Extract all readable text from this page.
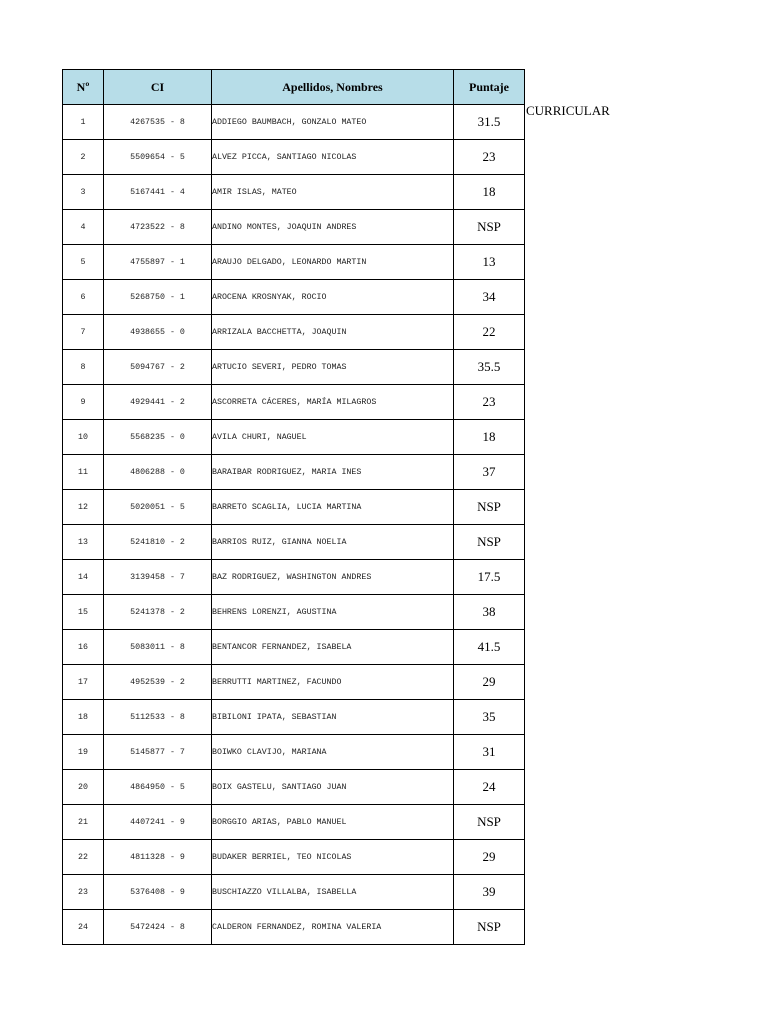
Nº	CI	Apellidos, Nombres	Puntaje
1	4267535 - 8	ADDIEGO BAUMBACH, GONZALO MATEO	31.5
2	5509654 - 5	ALVEZ PICCA, SANTIAGO NICOLAS	23
3	5167441 - 4	AMIR ISLAS, MATEO	18
4	4723522 - 8	ANDINO MONTES, JOAQUIN ANDRES	NSP
5	4755897 - 1	ARAUJO DELGADO, LEONARDO MARTIN	13
6	5268750 - 1	AROCENA KROSNYAK, ROCIO	34
7	4938655 - 0	ARRIZALA BACCHETTA, JOAQUIN	22
8	5094767 - 2	ARTUCIO SEVERI, PEDRO TOMAS	35.5
9	4929441 - 2	ASCORRETA CÁCERES, MARÍA MILAGROS	23
10	5568235 - 0	AVILA CHURI, NAGUEL	18
11	4806288 - 0	BARAIBAR RODRIGUEZ, MARIA INES	37
12	5020051 - 5	BARRETO SCAGLIA, LUCIA MARTINA	NSP
13	5241810 - 2	BARRIOS RUIZ, GIANNA NOELIA	NSP
14	3139458 - 7	BAZ RODRIGUEZ, WASHINGTON ANDRES	17.5
15	5241378 - 2	BEHRENS LORENZI, AGUSTINA	38
16	5083011 - 8	BENTANCOR FERNANDEZ, ISABELA	41.5
17	4952539 - 2	BERRUTTI MARTINEZ, FACUNDO	29
18	5112533 - 8	BIBILONI IPATA, SEBASTIAN	35
19	5145877 - 7	BOIWKO CLAVIJO, MARIANA	31
20	4864950 - 5	BOIX GASTELU, SANTIAGO JUAN	24
21	4407241 - 9	BORGGIO ARIAS, PABLO MANUEL	NSP
22	4811328 - 9	BUDAKER BERRIEL, TEO NICOLAS	29
23	5376408 - 9	BUSCHIAZZO VILLALBA, ISABELLA	39
24	5472424 - 8	CALDERON FERNANDEZ, ROMINA VALERIA	NSP
CURRICULAR
